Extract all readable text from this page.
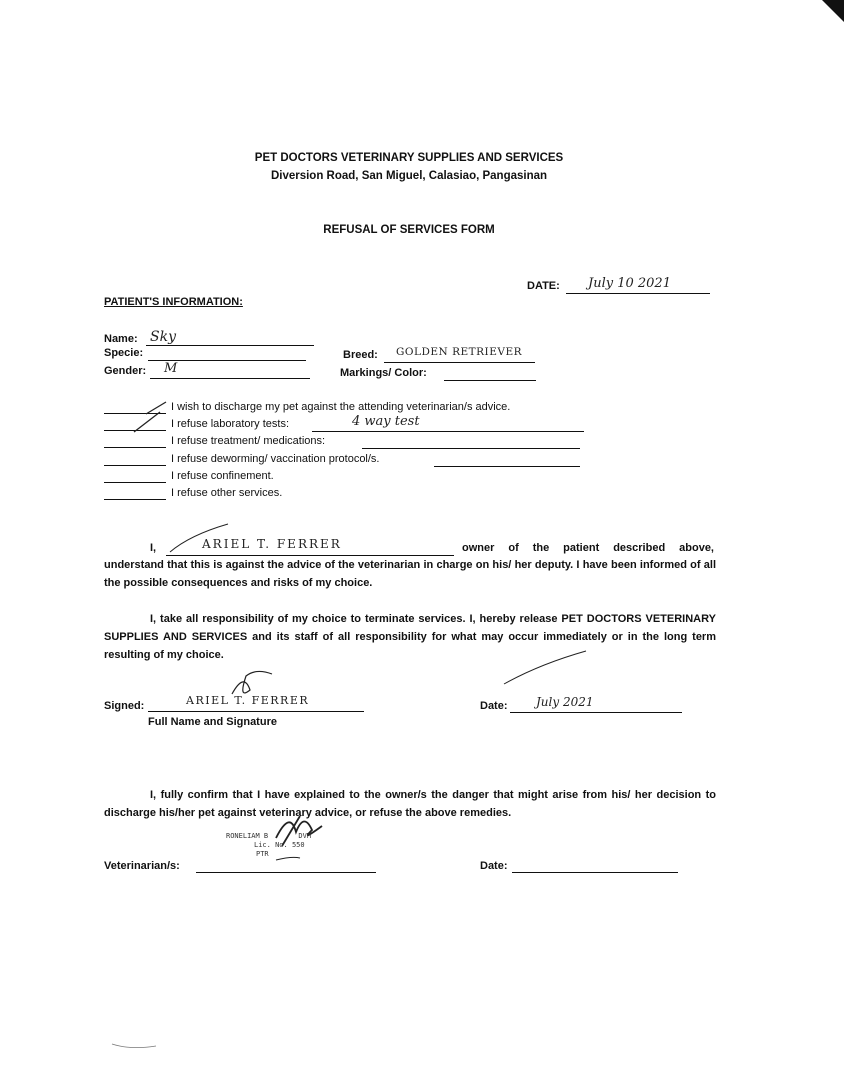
PET DOCTORS VETERINARY SUPPLIES AND SERVICES
Diversion Road, San Miguel, Calasiao, Pangasinan
REFUSAL OF SERVICES FORM
DATE: July 10 2021
PATIENT'S INFORMATION:
Name: Sky
Specie:
Gender: M
Breed: GOLDEN RETRIEVER
Markings/ Color:
I wish to discharge my pet against the attending veterinarian/s advice.
I refuse laboratory tests:	4 way test
I refuse treatment/ medications:
I refuse deworming/ vaccination protocol/s.
I refuse confinement.
I refuse other services.
I,	ARIEL T. FERRER	owner of the patient described above,
understand that this is against the advice of the veterinarian in charge on his/ her deputy. I have been informed of all the possible consequences and risks of my choice.
I, take all responsibility of my choice to terminate services. I, hereby release PET DOCTORS VETERINARY SUPPLIES AND SERVICES and its staff of all responsibility for what may occur immediately or in the long term resulting of my choice.
Signed:	ARIEL T. FERRER
Full Name and Signature
Date: July 2021
I, fully confirm that I have explained to the owner/s the danger that might arise from his/ her decision to discharge his/her pet against veterinary advice, or refuse the above remedies.
RONELIAM B	DVM
Lic. No. 550
PTR
Veterinarian/s:	Date:
